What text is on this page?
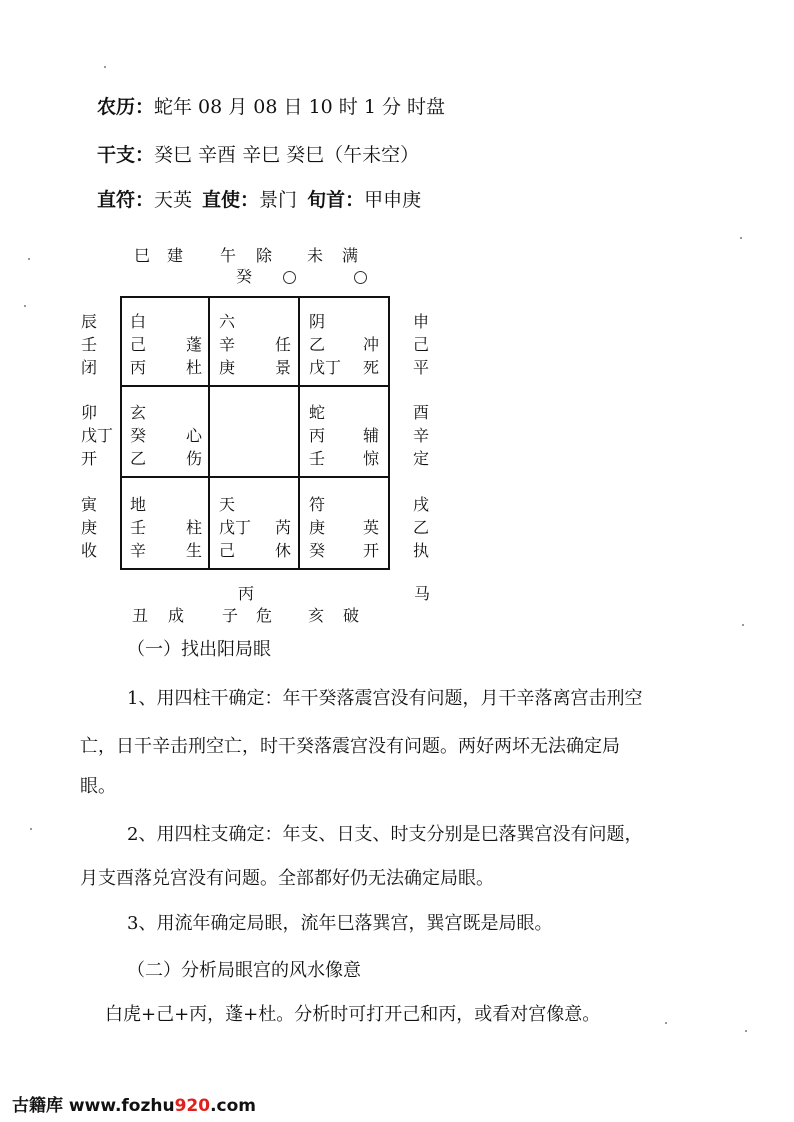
农历：蛇年 08 月 08 日 10 时 1 分 时盘
干支：癸巳 辛酉 辛巳 癸巳（午未空）
直符：天英 直使：景门 旬首：甲申庚
巳 建 午 除 未 满
癸
辰
壬
闭
卯
戊丁
开
寅
庚
收
申
己
平
酉
辛
定
戌
乙
执
白
己 蓬
丙 杜
六
辛 任
庚 景
阴
乙 冲
戊丁 死
玄
癸 心
乙 伤
蛇
丙 辅
壬 惊
地
壬 柱
辛 生
天
戊丁 芮
己 休
符
庚 英
癸 开
丙	马
丑 成 子 危 亥 破
（一）找出阳局眼
1、用四柱干确定：年干癸落震宫没有问题，月干辛落离宫击刑空
亡，日干辛击刑空亡，时干癸落震宫没有问题。两好两坏无法确定局
眼。
2、用四柱支确定：年支、日支、时支分别是巳落巽宫没有问题，
月支酉落兑宫没有问题。全部都好仍无法确定局眼。
3、用流年确定局眼，流年巳落巽宫，巽宫既是局眼。
（二）分析局眼宫的风水像意
白虎+己+丙，蓬+杜。分析时可打开己和丙，或看对宫像意。
古籍库 www.fozhu920.com
